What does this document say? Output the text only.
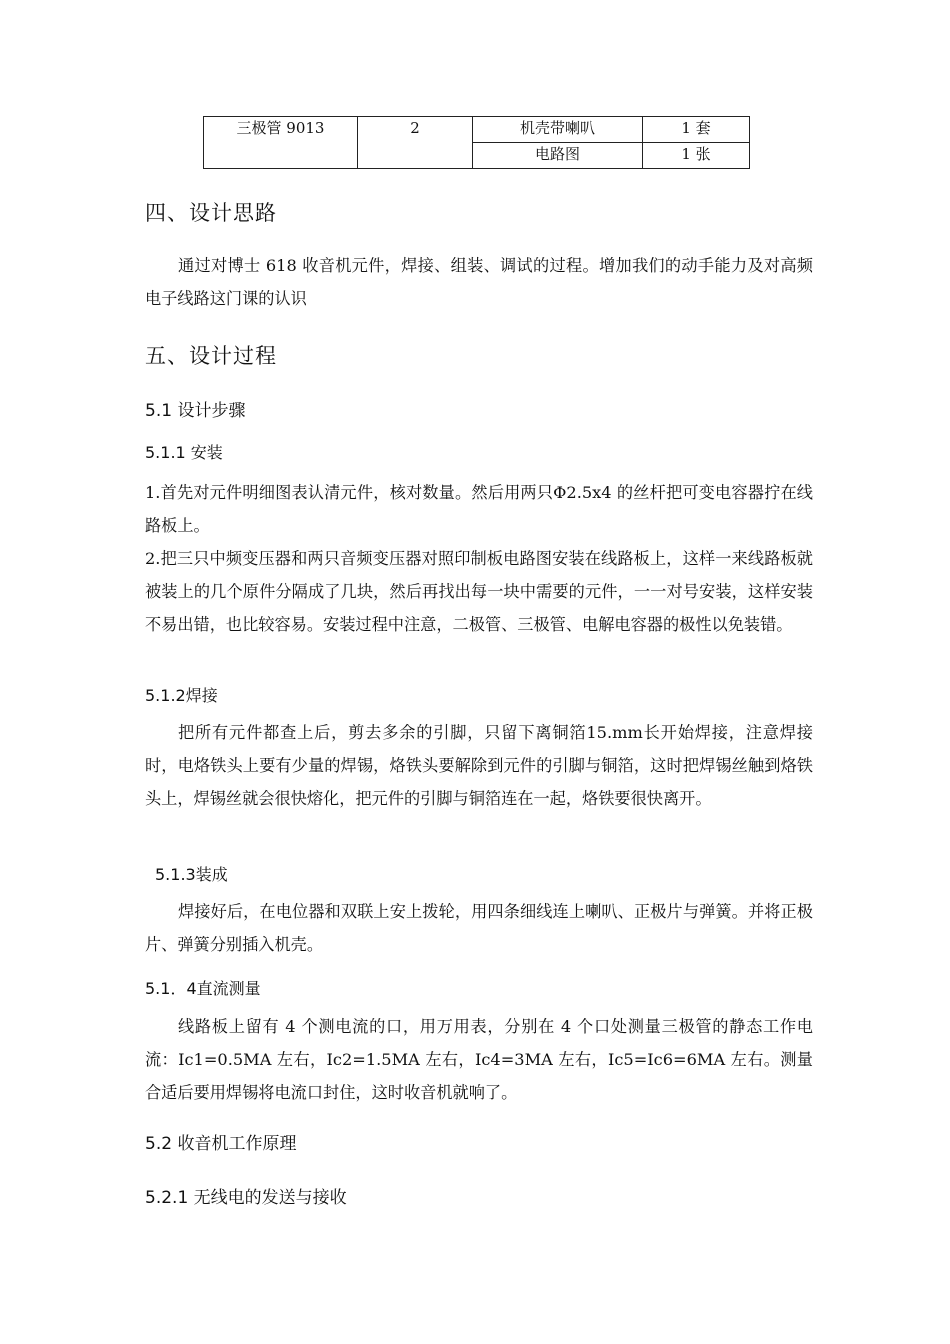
三极管 9013	2	机壳带喇叭	1 套
		电路图	1 张
四、设计思路

通过对博士 618 收音机元件，焊接、组装、调试的过程。增加我们的动手能力及对高频电子线路这门课的认识

五、设计过程
5.1 设计步骤
5.1.1 安装

1.首先对元件明细图表认清元件，核对数量。然后用两只Φ2.5x4 的丝杆把可变电容器拧在线路板上。

2.把三只中频变压器和两只音频变压器对照印制板电路图安装在线路板上，这样一来线路板就被装上的几个原件分隔成了几块，然后再找出每一块中需要的元件，一一对号安装，这样安装不易出错，也比较容易。安装过程中注意，二极管、三极管、电解电容器的极性以免装错。

5.1.2焊接

把所有元件都查上后，剪去多余的引脚，只留下离铜箔15.mm长开始焊接，注意焊接时，电烙铁头上要有少量的焊锡，烙铁头要解除到元件的引脚与铜箔，这时把焊锡丝触到烙铁头上，焊锡丝就会很快熔化，把元件的引脚与铜箔连在一起，烙铁要很快离开。

5.1.3装成

焊接好后，在电位器和双联上安上拨轮，用四条细线连上喇叭、正极片与弹簧。并将正极片、弹簧分别插入机壳。

5.1．4直流测量

线路板上留有 4 个测电流的口，用万用表，分别在 4 个口处测量三极管的静态工作电流：Ic1=0.5MA 左右，Ic2=1.5MA 左右，Ic4=3MA 左右，Ic5=Ic6=6MA 左右。测量合适后要用焊锡将电流口封住，这时收音机就响了。

5.2 收音机工作原理
5.2.1 无线电的发送与接收
